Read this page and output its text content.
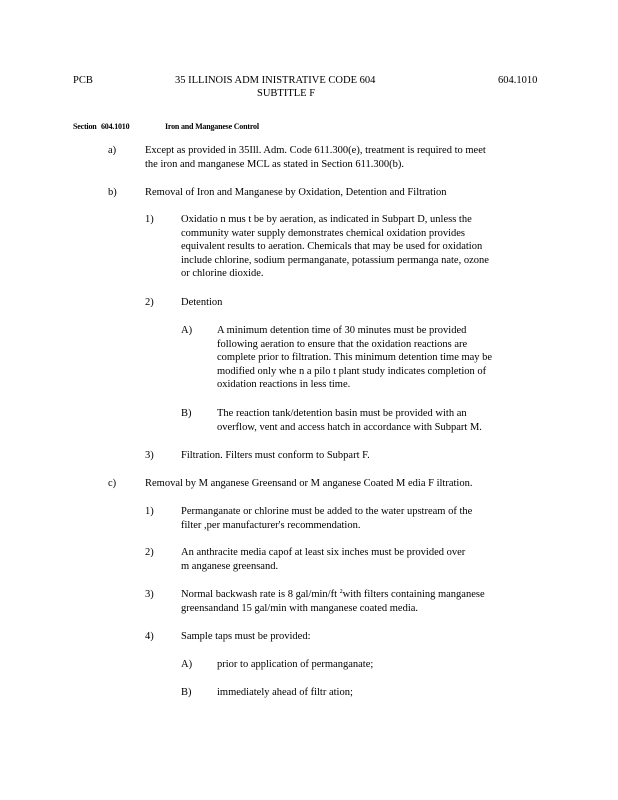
PCB	35 ILLINOIS ADM INISTRATIVE CODE 604
SUBTITLE F
604.1010
Section 604.1010	Iron and Manganese Control
a)	Except as provided in 35Ill. Adm. Code 611.300(e), treatment is required to meet
the iron and manganese MCL as stated in Section 611.300(b).
b)	Removal of Iron and Manganese by Oxidation, Detention and Filtration
1)	Oxidatio n mus t be by aeration, as indicated in Subpart D, unless the
community water supply demonstrates chemical oxidation provides
equivalent results to aeration. Chemicals that may be used for oxidation
include chlorine, sodium permanganate, potassium permanga nate, ozone
or chlorine dioxide.
2)	Detention
A) A minimum detention time of 30 minutes must be provided
following aeration to ensure that the oxidation reactions are
complete prior to filtration. This minimum detention time may be
modified only whe n a pilo t plant study indicates completion of
oxidation reactions in less time.
B) The reaction tank/detention basin must be provided with an
overflow, vent and access hatch in accordance with Subpart M.
3)	Filtration. Filters must conform to Subpart F.
c)	Removal by M anganese Greensand or M anganese Coated M edia F iltration.
1)	Permanganate or chlorine must be added to the water upstream of the
filter ,per manufacturer's recommendation.
2)	An anthracite media capof at least six inches must be provided over
m anganese greensand.
3)	Normal backwash rate is 8 gal/min/ft $^2$with filters containing manganese
greensandand 15 gal/min with manganese coated media.
4)	Sample taps must be provided:
A) prior to application of permanganate;
B) immediately ahead of filtr ation;
